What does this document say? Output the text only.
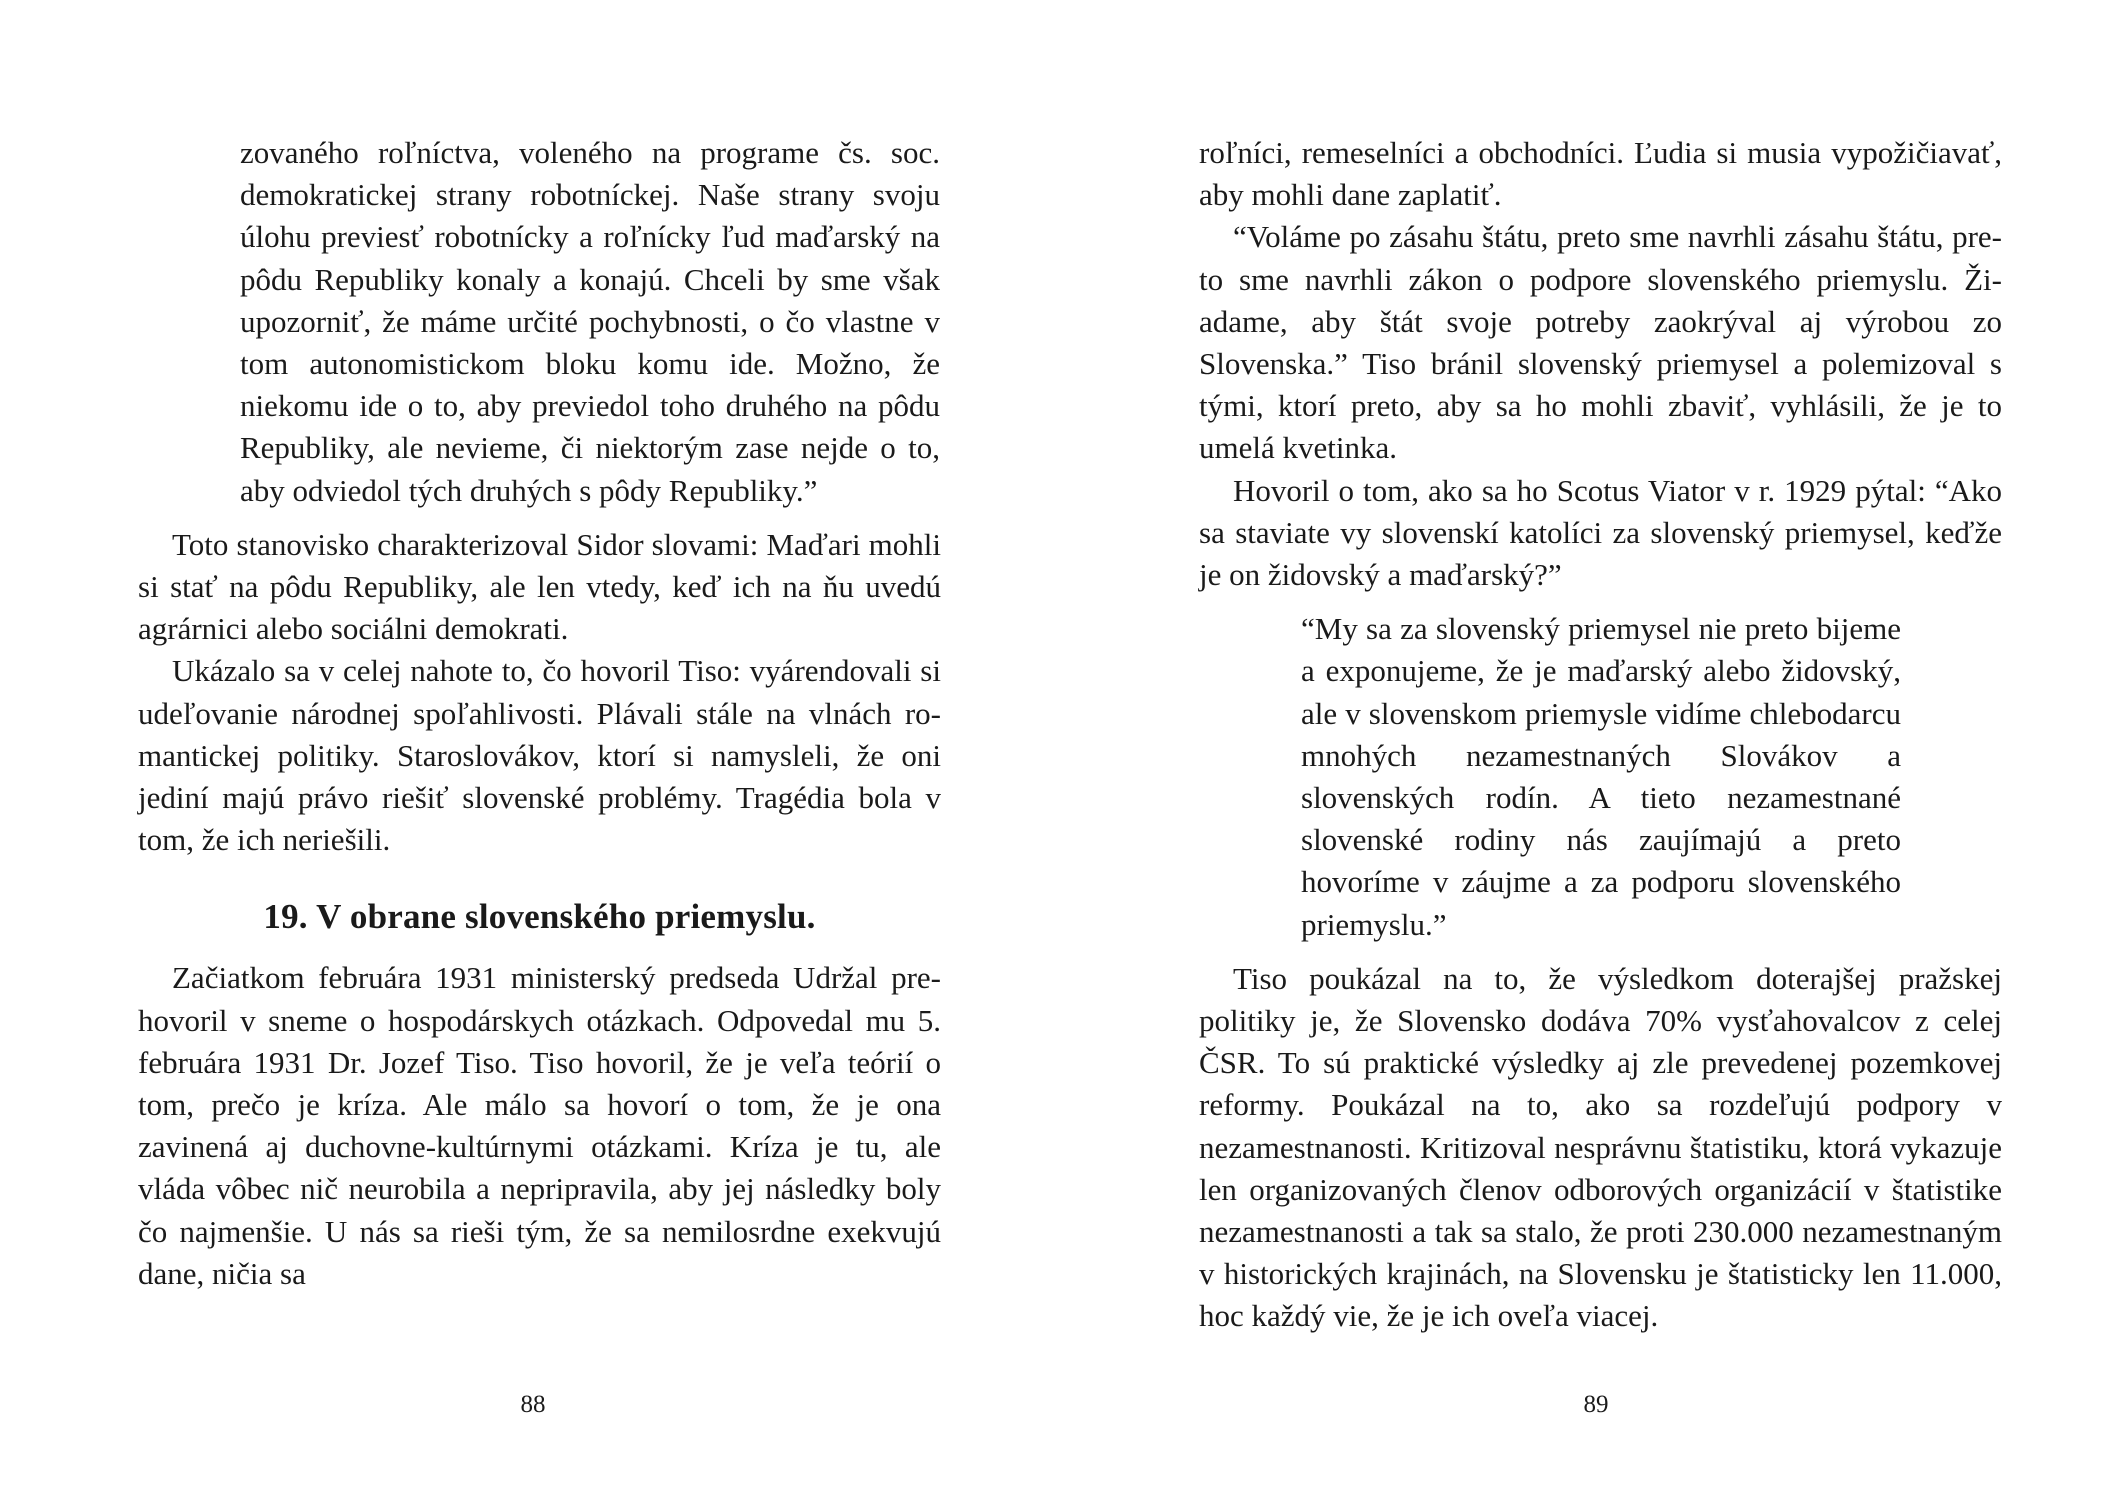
zovaného roľníctva, voleného na programe čs. soc. demokratickej strany robotníckej. Naše strany svoju úlohu previesť robotnícky a roľnícky ľud maďarský na pôdu Republiky konaly a konajú. Chceli by sme však upozorniť, že máme určité pochybnosti, o čo vlastne v tom autonomistickom bloku komu ide. Možno, že niekomu ide o to, aby previedol toho druhého na pôdu Republiky, ale nevieme, či niektorým zase nejde o to, aby odviedol tých druhých s pôdy Republiky.”

Toto stanovisko charakterizoval Sidor slovami: Maďari mohli si stať na pôdu Republiky, ale len vtedy, keď ich na ňu uvedú agrárnici alebo sociálni demokrati.

Ukázalo sa v celej nahote to, čo hovoril Tiso: vyárendovali si udeľovanie národnej spoľahlivosti. Plávali stále na vlnách romantickej politiky. Staroslovákov, ktorí si namysleli, že oni jediní majú právo riešiť slovenské problémy. Tragédia bola v tom, že ich neriešili.

19. V obrane slovenského priemyslu.

Začiatkom februára 1931 ministerský predseda Udržal prehovoril v sneme o hospodárskych otázkach. Odpovedal mu 5. februára 1931 Dr. Jozef Tiso. Tiso hovoril, že je veľa teórií o tom, prečo je kríza. Ale málo sa hovorí o tom, že je ona zavinená aj duchovne-kultúrnymi otázkami. Kríza je tu, ale vláda vôbec nič neurobila a nepripravila, aby jej následky boly čo najmenšie. U nás sa rieši tým, že sa nemilosrdne exekvujú dane, ničia sa

88

roľníci, remeselníci a obchodníci. Ľudia si musia vypožičiavať, aby mohli dane zaplatiť.

“Voláme po zásahu štátu, preto sme navrhli zásahu štátu, preto sme navrhli zákon o podpore slovenského priemyslu. Žiadame, aby štát svoje potreby zaokrýval aj výrobou zo Slovenska.” Tiso bránil slovenský priemysel a polemizoval s tými, ktorí preto, aby sa ho mohli zbaviť, vyhlásili, že je to umelá kvetinka.

Hovoril o tom, ako sa ho Scotus Viator v r. 1929 pýtal: “Ako sa staviate vy slovenskí katolíci za slovenský priemysel, keďže je on židovský a maďarský?”

“My sa za slovenský priemysel nie preto bijeme a exponujeme, že je maďarský alebo židovský, ale v slovenskom priemysle vidíme chlebodarcu mnohých nezamestnaných Slovákov a slovenských rodín. A tieto nezamestnané slovenské rodiny nás zaujímajú a preto hovoríme v záujme a za podporu slovenského priemyslu.”

Tiso poukázal na to, že výsledkom doterajšej pražskej politiky je, že Slovensko dodáva 70% vysťahovalcov z celej ČSR. To sú praktické výsledky aj zle prevedenej pozemkovej reformy. Poukázal na to, ako sa rozdeľujú podpory v nezamestnanosti. Kritizoval nesprávnu štatistiku, ktorá vykazuje len organizovaných členov odborových organizácií v štatistike nezamestnanosti a tak sa stalo, že proti 230.000 nezamestnaným v historických krajinách, na Slovensku je štatisticky len 11.000, hoc každý vie, že je ich oveľa viacej.

89
